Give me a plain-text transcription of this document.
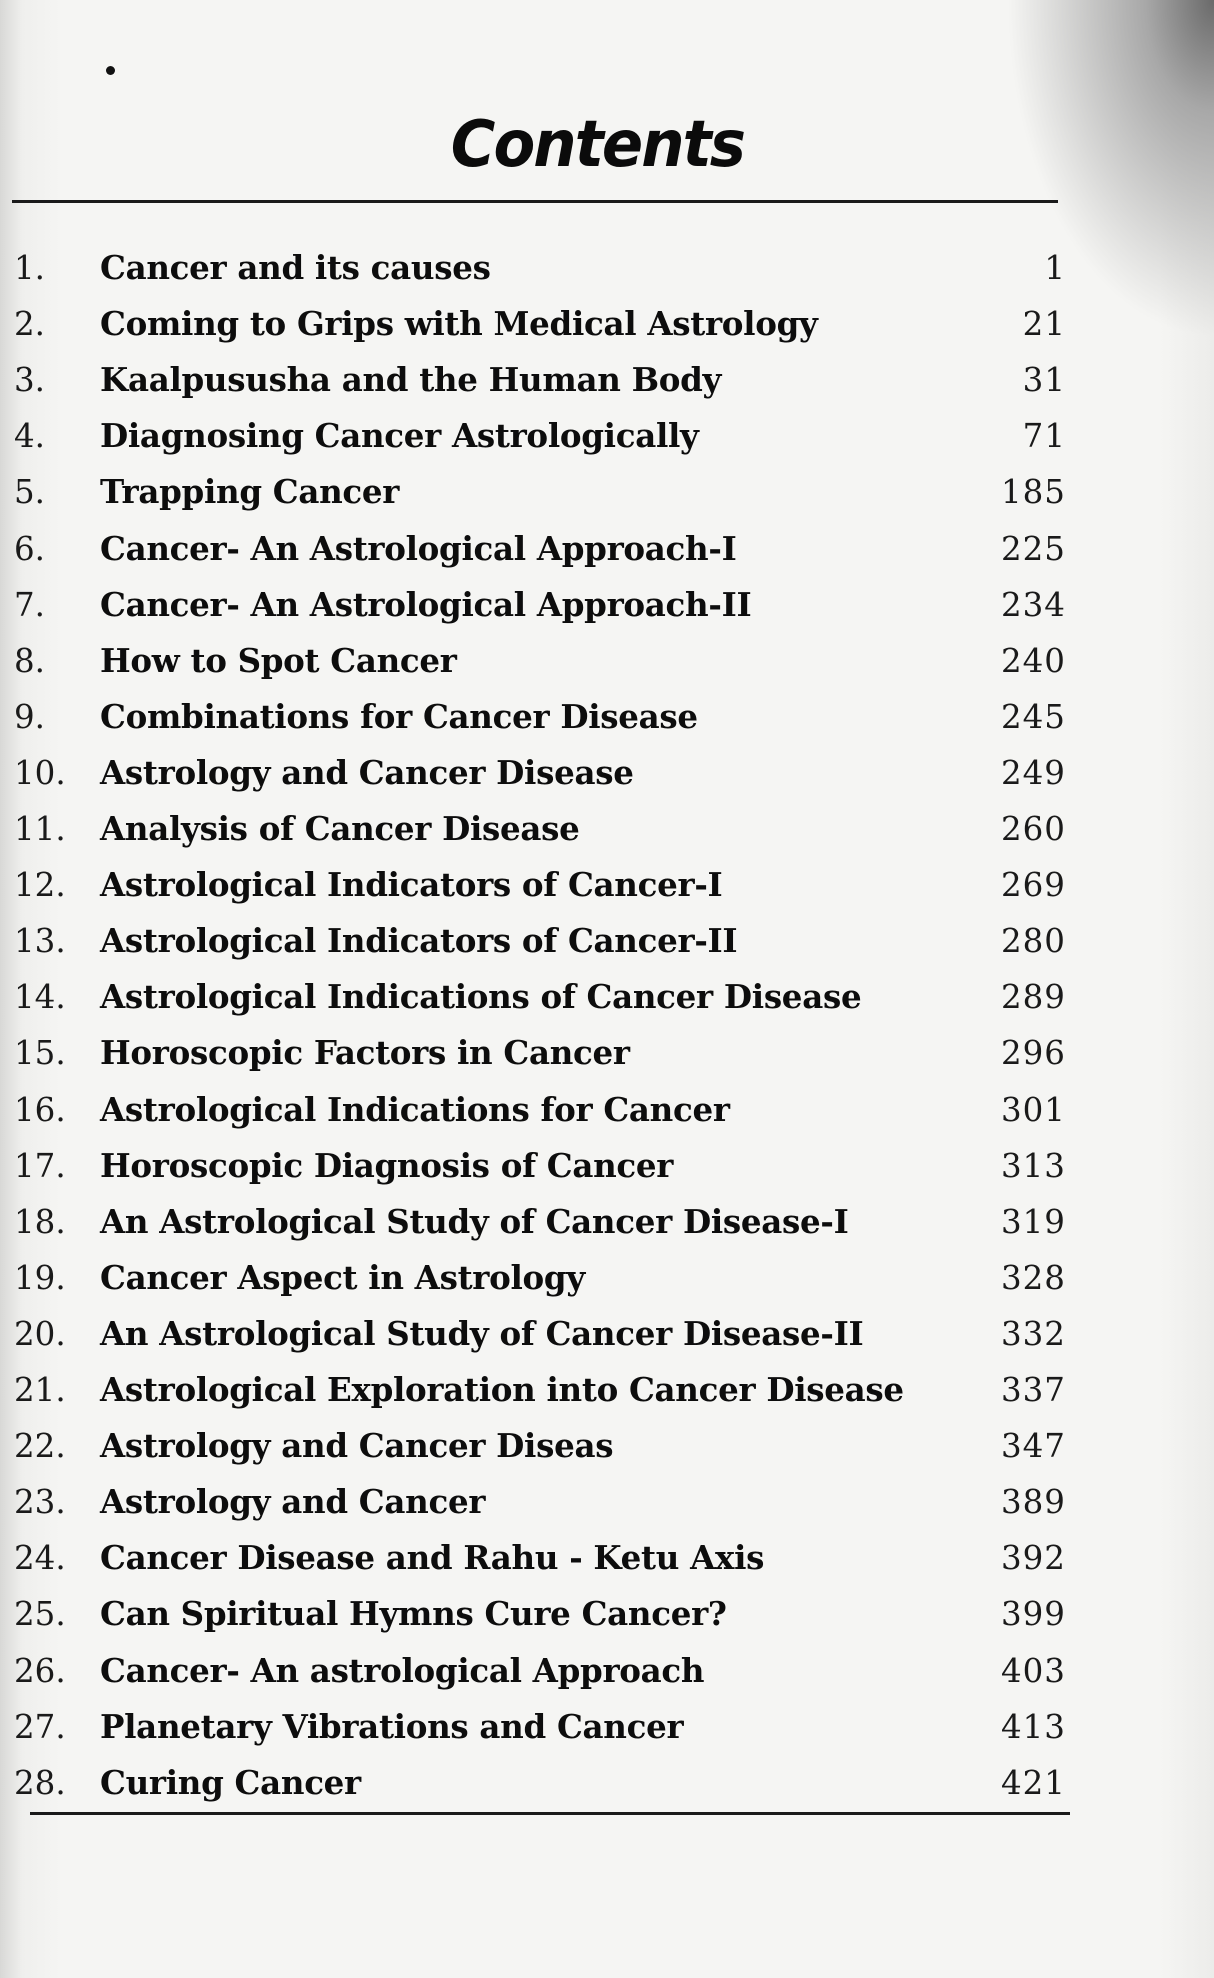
Contents
1.	Cancer and its causes	1
2.	Coming to Grips with Medical Astrology	21
3.	Kaalpususha and the Human Body	31
4.	Diagnosing Cancer Astrologically	71
5.	Trapping Cancer	185
6.	Cancer- An Astrological Approach-I	225
7.	Cancer- An Astrological Approach-II	234
8.	How to Spot Cancer	240
9.	Combinations for Cancer Disease	245
10.	Astrology and Cancer Disease	249
11.	Analysis of Cancer Disease	260
12.	Astrological Indicators of Cancer-I	269
13.	Astrological Indicators of Cancer-II	280
14.	Astrological Indications of Cancer Disease	289
15.	Horoscopic Factors in Cancer	296
16.	Astrological Indications for Cancer	301
17.	Horoscopic Diagnosis of Cancer	313
18.	An Astrological Study of Cancer Disease-I	319
19.	Cancer Aspect in Astrology	328
20.	An Astrological Study of Cancer Disease-II	332
21.	Astrological Exploration into Cancer Disease	337
22.	Astrology and Cancer Diseas	347
23.	Astrology and Cancer	389
24.	Cancer Disease and Rahu - Ketu Axis	392
25.	Can Spiritual Hymns Cure Cancer?	399
26.	Cancer- An astrological Approach	403
27.	Planetary Vibrations and Cancer	413
28.	Curing Cancer	421
